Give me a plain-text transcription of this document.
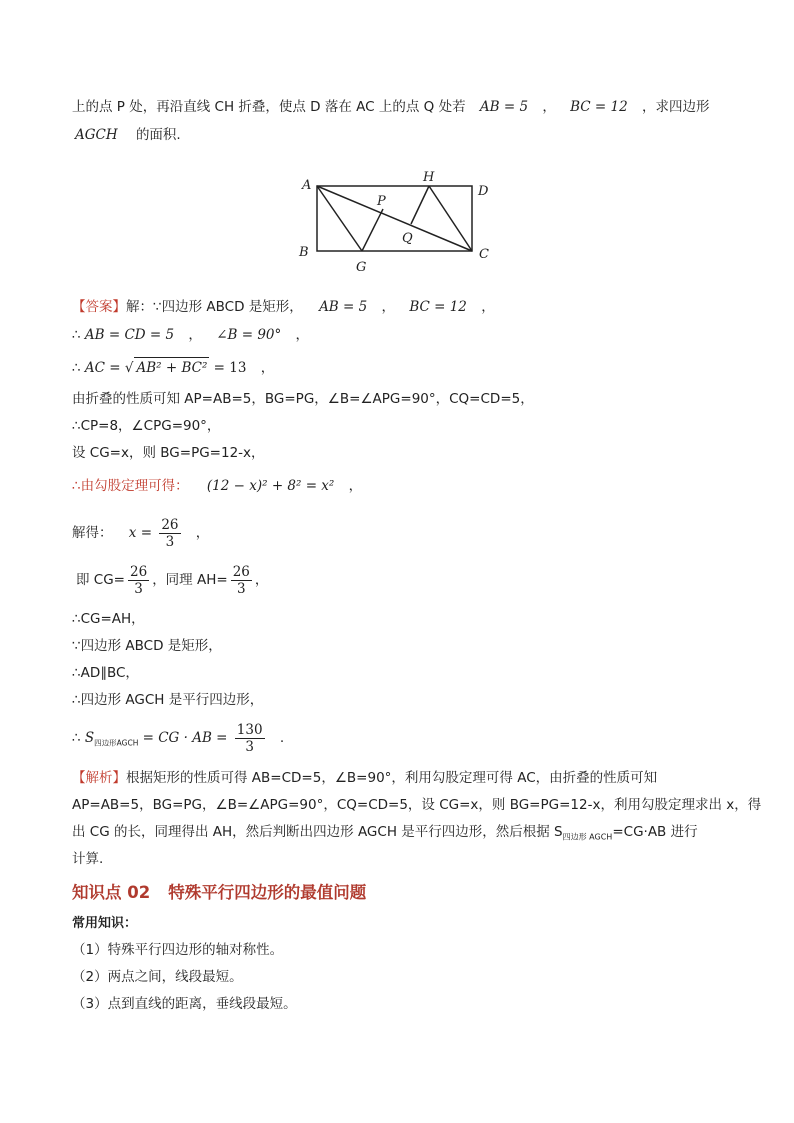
上的点 P 处，再沿直线 CH 折叠，使点 D 落在 AC 上的点 Q 处若 AB = 5 ， BC = 12 ，求四边形
AGCH 的面积.
A
B	C
D
H
P
Q
G
【答案】解：∵四边形 ABCD 是矩形， AB = 5 ， BC = 12 ，
∴ AB = CD = 5 ， ∠B = 90° ，
∴ AC = √ AB² + BC² = 13 ，
由折叠的性质可知 AP=AB=5，BG=PG，∠B=∠APG=90°，CQ=CD=5，
∴CP=8，∠CPG=90°，
设 CG=x，则 BG=PG=12-x，
∴由勾股定理可得： (12 − x)² + 8² = x² ，
解得： $x = \frac{26}{3}$ ，
即 $CG= \frac{26}{3}$ ，同理 $AH= \frac{26}{3}$ ，
∴CG=AH，
∵四边形 ABCD 是矩形，
∴AD∥BC，
∴四边形 AGCH 是平行四边形，
∴ $S_{四边形AGCH}$ = CG · AB = $\frac{130}{3}$ .
【解析】根据矩形的性质可得 AB=CD=5，∠B=90°，利用勾股定理可得 AC，由折叠的性质可知
AP=AB=5，BG=PG，∠B=∠APG=90°，CQ=CD=5，设 CG=x，则 BG=PG=12-x，利用勾股定理求出 x，得
出 CG 的长，同理得出 AH，然后判断出四边形 AGCH 是平行四边形，然后根据 $S_{四边形 AGCH}=CG\cdot AB$ 进行
计算.
知识点 02 特殊平行四边形的最值问题
常用知识：
（1）特殊平行四边形的轴对称性。
（2）两点之间，线段最短。
（3）点到直线的距离，垂线段最短。
